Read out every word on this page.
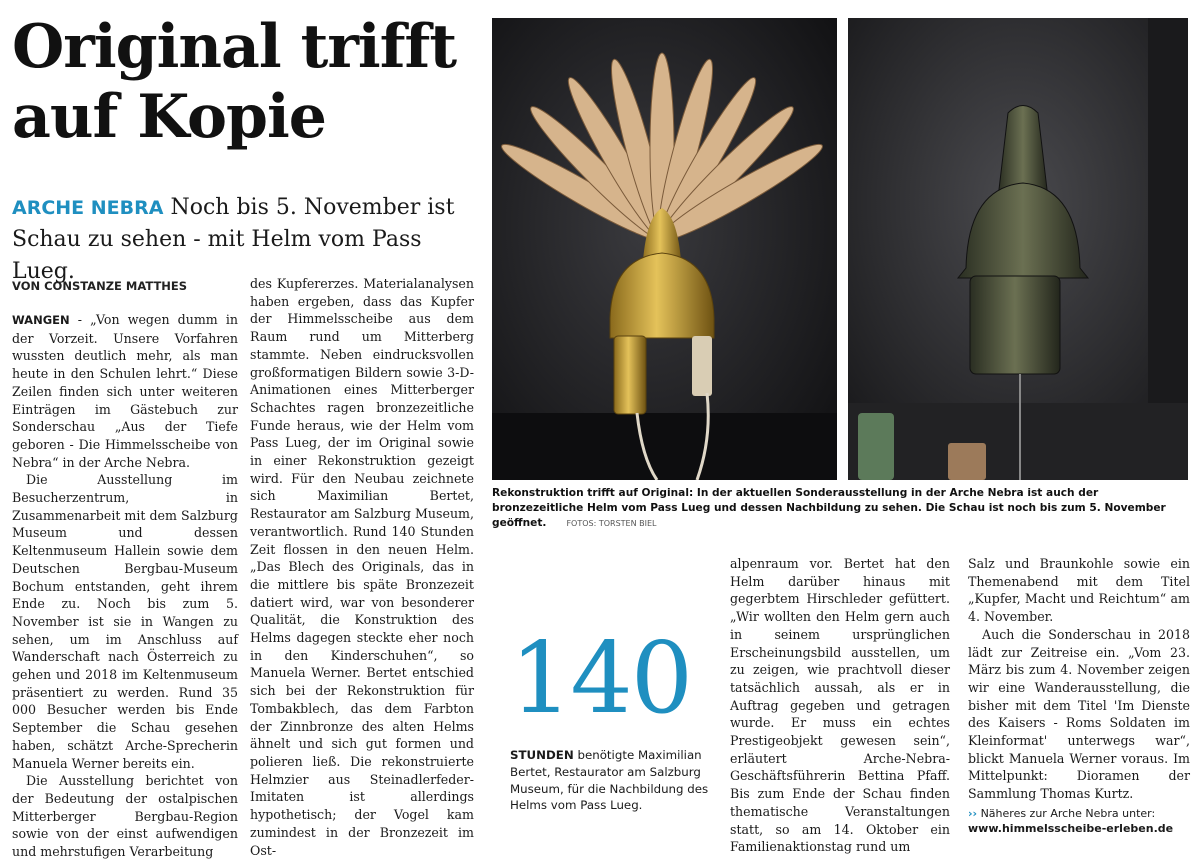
Original trifft auf Kopie
ARCHE NEBRA Noch bis 5. November ist Schau zu sehen - mit Helm vom Pass Lueg.
VON CONSTANZE MATTHES

WANGEN - „Von wegen dumm in der Vorzeit. Unsere Vorfahren wussten deutlich mehr, als man heute in den Schulen lehrt.“ Diese Zeilen finden sich unter weiteren Einträgen im Gästebuch zur Sonderschau „Aus der Tiefe geboren - Die Himmelsscheibe von Nebra“ in der Arche Nebra.

Die Ausstellung im Besucherzentrum, in Zusammenarbeit mit dem Salzburg Museum und dessen Keltenmuseum Hallein sowie dem Deutschen Bergbau-Museum Bochum entstanden, geht ihrem Ende zu. Noch bis zum 5. November ist sie in Wangen zu sehen, um im Anschluss auf Wanderschaft nach Österreich zu gehen und 2018 im Keltenmuseum präsentiert zu werden. Rund 35 000 Besucher werden bis Ende September die Schau gesehen haben, schätzt Arche-Sprecherin Manuela Werner bereits ein.

Die Ausstellung berichtet von der Bedeutung der ostalpischen Mitterberger Bergbau-Region sowie von der einst aufwendigen und mehrstufigen Verarbeitung

des Kupfererzes. Materialanalysen haben ergeben, dass das Kupfer der Himmelsscheibe aus dem Raum rund um Mitterberg stammte. Neben eindrucksvollen großformatigen Bildern sowie 3-D-Animationen eines Mitterberger Schachtes ragen bronzezeitliche Funde heraus, wie der Helm vom Pass Lueg, der im Original sowie in einer Rekonstruktion gezeigt wird. Für den Neubau zeichnete sich Maximilian Bertet, Restaurator am Salzburg Museum, verantwortlich. Rund 140 Stunden Zeit flossen in den neuen Helm. „Das Blech des Originals, das in die mittlere bis späte Bronzezeit datiert wird, war von besonderer Qualität, die Konstruktion des Helms dagegen steckte eher noch in den Kinderschuhen“, so Manuela Werner. Bertet entschied sich bei der Rekonstruktion für Tombakblech, das dem Farbton der Zinnbronze des alten Helms ähnelt und sich gut formen und polieren ließ. Die rekonstruierte Helmzier aus Steinadlerfeder-Imitaten ist allerdings hypothetisch; der Vogel kam zumindest in der Bronzezeit im Ost-

Rekonstruktion trifft auf Original: In der aktuellen Sonderausstellung in der Arche Nebra ist auch der bronzezeitliche Helm vom Pass Lueg und dessen Nachbildung zu sehen. Die Schau ist noch bis zum 5. November geöffnet.	FOTOS: TORSTEN BIEL
140
STUNDEN benötigte Maximilian Bertet, Restaurator am Salzburg Museum, für die Nachbildung des Helms vom Pass Lueg.

alpenraum vor. Bertet hat den Helm darüber hinaus mit gegerbtem Hirschleder gefüttert. „Wir wollten den Helm gern auch in seinem ursprünglichen Erscheinungsbild ausstellen, um zu zeigen, wie prachtvoll dieser tatsächlich aussah, als er in Auftrag gegeben und getragen wurde. Er muss ein echtes Prestigeobjekt gewesen sein“, erläutert Arche-Nebra-Geschäftsführerin Bettina Pfaff. Bis zum Ende der Schau finden thematische Veranstaltungen statt, so am 14. Oktober ein Familienaktionstag rund um

Salz und Braunkohle sowie ein Themenabend mit dem Titel „Kupfer, Macht und Reichtum“ am 4. November.

Auch die Sonderschau in 2018 lädt zur Zeitreise ein. „Vom 23. März bis zum 4. November zeigen wir eine Wanderausstellung, die bisher mit dem Titel 'Im Dienste des Kaisers - Roms Soldaten im Kleinformat' unterwegs war“, blickt Manuela Werner voraus. Im Mittelpunkt: Dioramen der Sammlung Thomas Kurtz.

›› Näheres zur Arche Nebra unter:
www.himmelsscheibe-erleben.de
